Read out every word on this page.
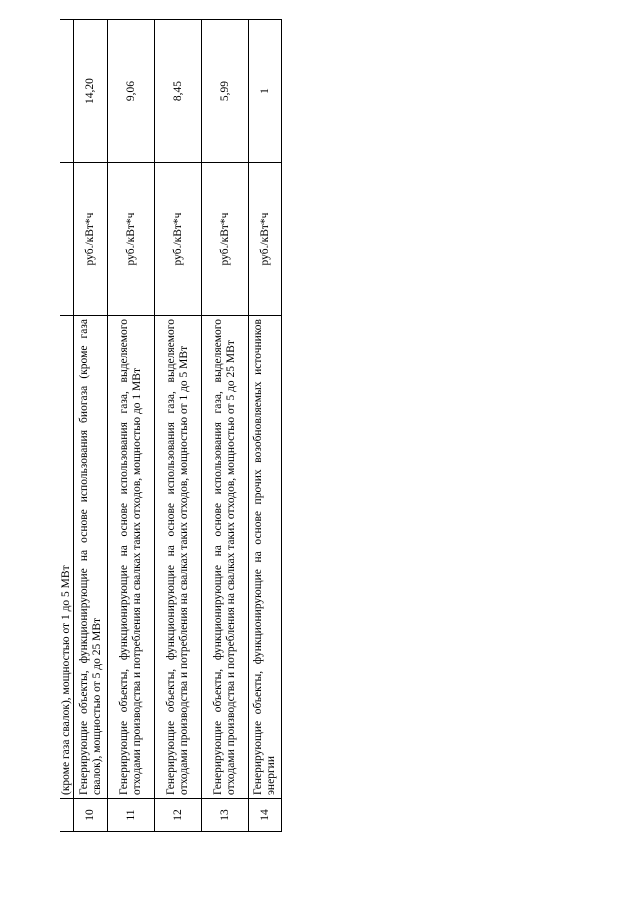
	(кроме газа свалок), мощностью от 1 до 5 МВт		
10	Генерирующие объекты, функционирующие на основе использования биогаза (кроме газа свалок), мощностью от 5 до 25 МВт	руб./кВт*ч	14,20
11	Генерирующие объекты, функционирующие на основе использования газа, выделяемого отходами производства и потребления на свалках таких отходов, мощностью до 1 МВт	руб./кВт*ч	9,06
12	Генерирующие объекты, функционирующие на основе использования газа, выделяемого отходами производства и потребления на свалках таких отходов, мощностью от 1 до 5 МВт	руб./кВт*ч	8,45
13	Генерирующие объекты, функционирующие на основе использования газа, выделяемого отходами производства и потребления на свалках таких отходов, мощностью от 5 до 25 МВт	руб./кВт*ч	5,99
14	Генерирующие объекты, функционирующие на основе прочих возобновляемых источников энергии	руб./кВт*ч	1
